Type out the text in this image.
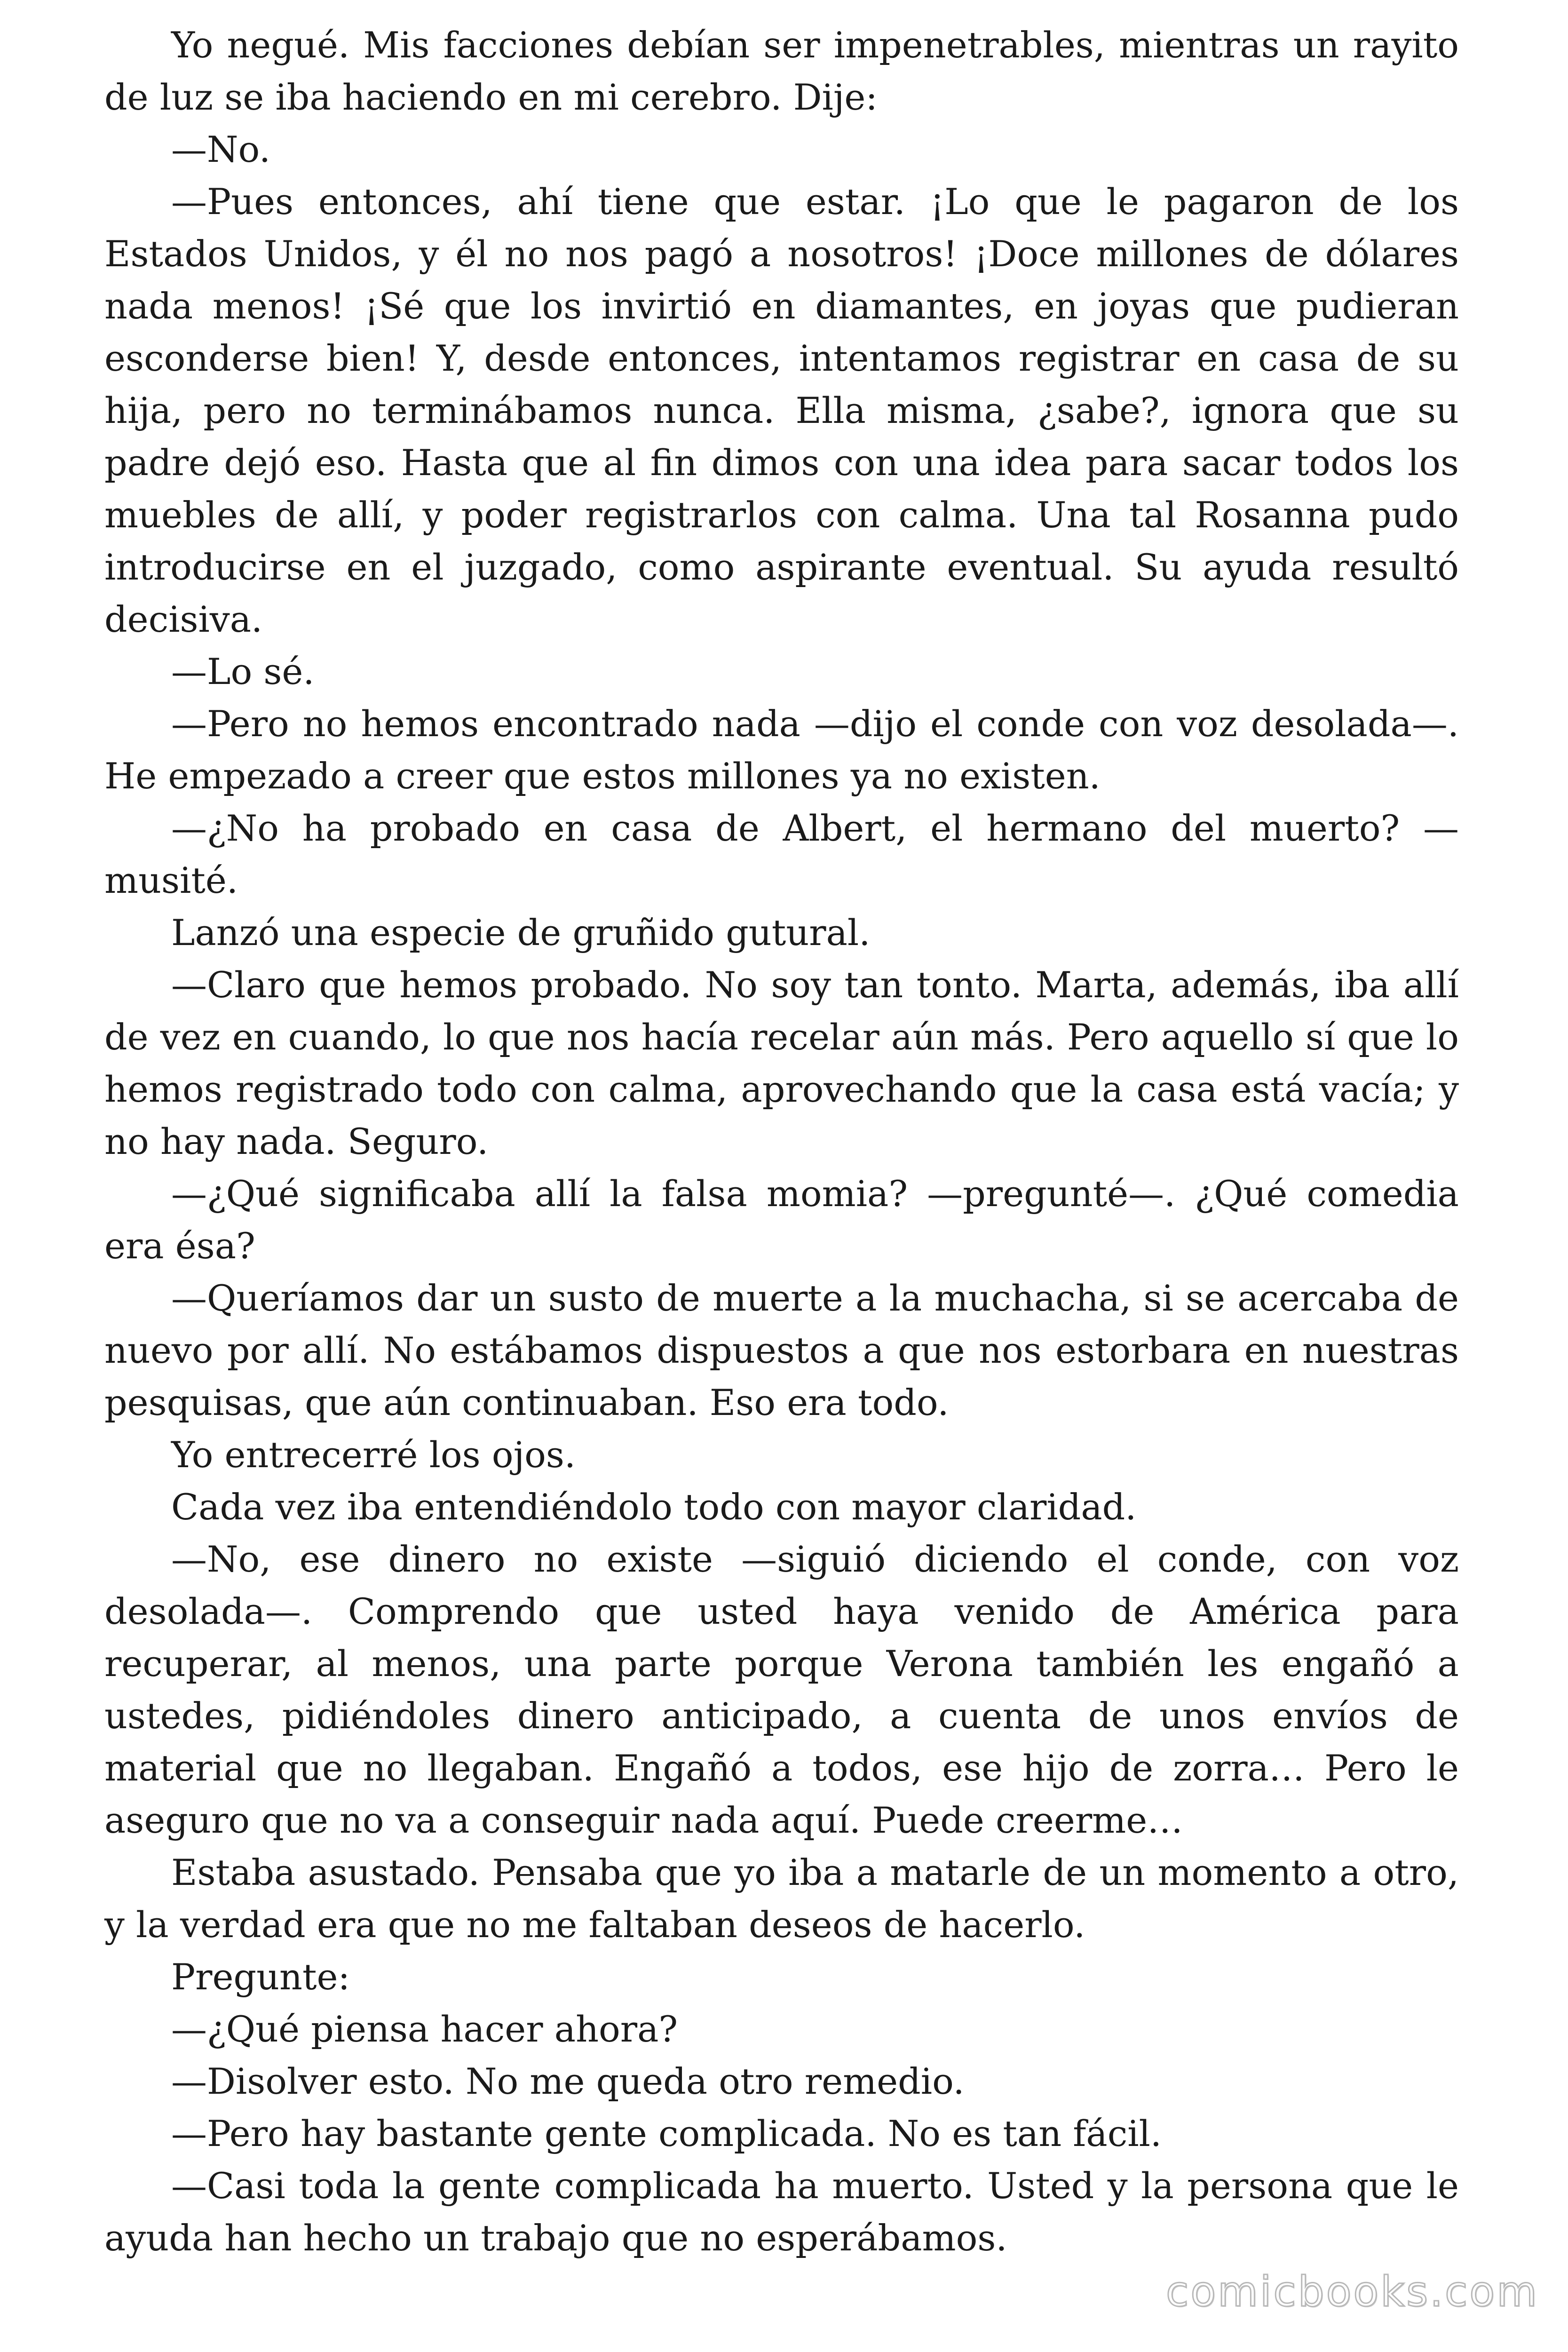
Yo negué. Mis facciones debían ser impenetrables, mientras un rayito de luz se iba haciendo en mi cerebro. Dije:

—No.

—Pues entonces, ahí tiene que estar. ¡Lo que le pagaron de los Estados Unidos, y él no nos pagó a nosotros! ¡Doce millones de dólares nada menos! ¡Sé que los invirtió en diamantes, en joyas que pudieran esconderse bien! Y, desde entonces, intentamos registrar en casa de su hija, pero no terminábamos nunca. Ella misma, ¿sabe?, ignora que su padre dejó eso. Hasta que al fin dimos con una idea para sacar todos los muebles de allí, y poder registrarlos con calma. Una tal Rosanna pudo introducirse en el juzgado, como aspirante eventual. Su ayuda resultó decisiva.

—Lo sé.

—Pero no hemos encontrado nada —dijo el conde con voz desolada—. He empezado a creer que estos millones ya no existen.

—¿No ha probado en casa de Albert, el hermano del muerto? —musité.

Lanzó una especie de gruñido gutural.

—Claro que hemos probado. No soy tan tonto. Marta, además, iba allí de vez en cuando, lo que nos hacía recelar aún más. Pero aquello sí que lo hemos registrado todo con calma, aprovechando que la casa está vacía; y no hay nada. Seguro.

—¿Qué significaba allí la falsa momia? —pregunté—. ¿Qué comedia era ésa?

—Queríamos dar un susto de muerte a la muchacha, si se acercaba de nuevo por allí. No estábamos dispuestos a que nos estorbara en nuestras pesquisas, que aún continuaban. Eso era todo.

Yo entrecerré los ojos.

Cada vez iba entendiéndolo todo con mayor claridad.

—No, ese dinero no existe —siguió diciendo el conde, con voz desolada—. Comprendo que usted haya venido de América para recuperar, al menos, una parte porque Verona también les engañó a ustedes, pidiéndoles dinero anticipado, a cuenta de unos envíos de material que no llegaban. Engañó a todos, ese hijo de zorra… Pero le aseguro que no va a conseguir nada aquí. Puede creerme…

Estaba asustado. Pensaba que yo iba a matarle de un momento a otro, y la verdad era que no me faltaban deseos de hacerlo.

Pregunte:

—¿Qué piensa hacer ahora?

—Disolver esto. No me queda otro remedio.

—Pero hay bastante gente complicada. No es tan fácil.

—Casi toda la gente complicada ha muerto. Usted y la persona que le ayuda han hecho un trabajo que no esperábamos.

comicbooks.com
